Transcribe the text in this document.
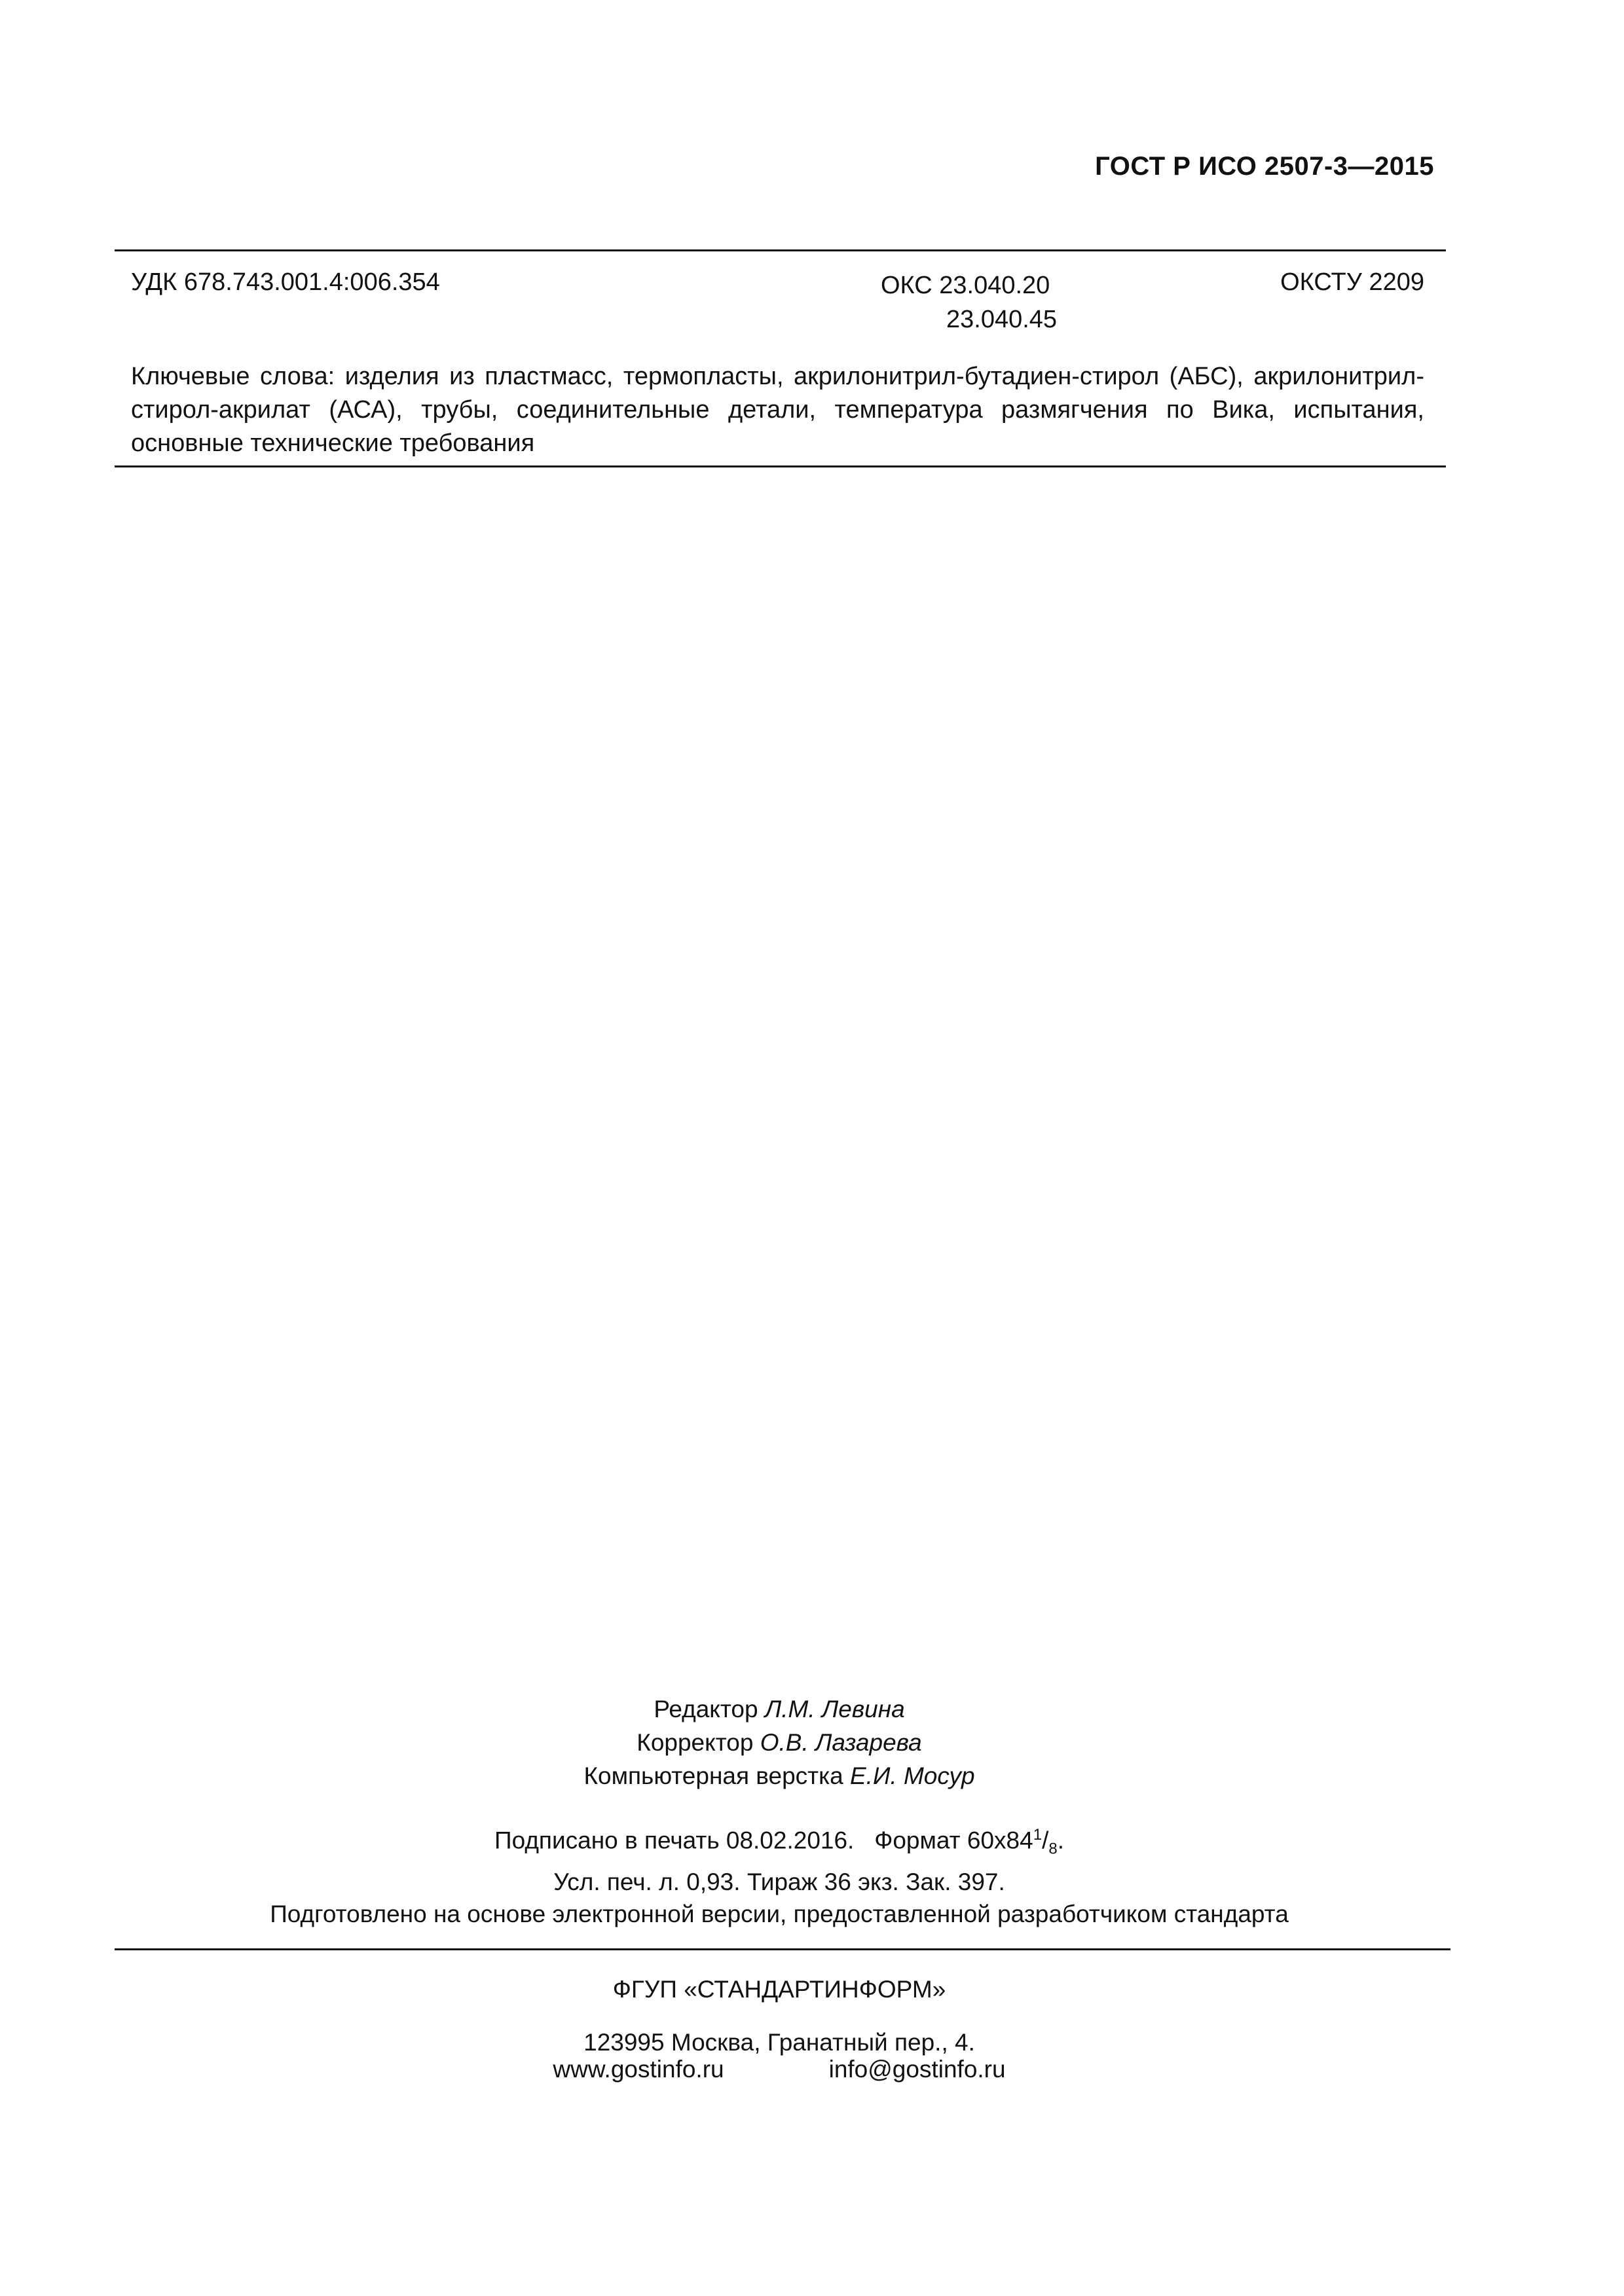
ГОСТ Р ИСО 2507-3—2015
УДК 678.743.001.4:006.354	ОКС 23.040.20
23.040.45
ОКСТУ 2209
Ключевые слова: изделия из пластмасс, термопласты, акрилонитрил-бутадиен-стирол (АБС), акрилонитрил-стирол-акрилат (АСА), трубы, соединительные детали, температура размягчения по Вика, испытания, основные технические требования
Редактор Л.М. Левина
Корректор О.В. Лазарева
Компьютерная верстка Е.И. Мосур
Подписано в печать 08.02.2016. Формат $60x84^1/_8$.
Усл. печ. л. 0,93. Тираж 36 экз. Зак. 397.
Подготовлено на основе электронной версии, предоставленной разработчиком стандарта
ФГУП «СТАНДАРТИНФОРМ»
123995 Москва, Гранатный пер., 4.
www.gostinfo.ru	info@gostinfo.ru
